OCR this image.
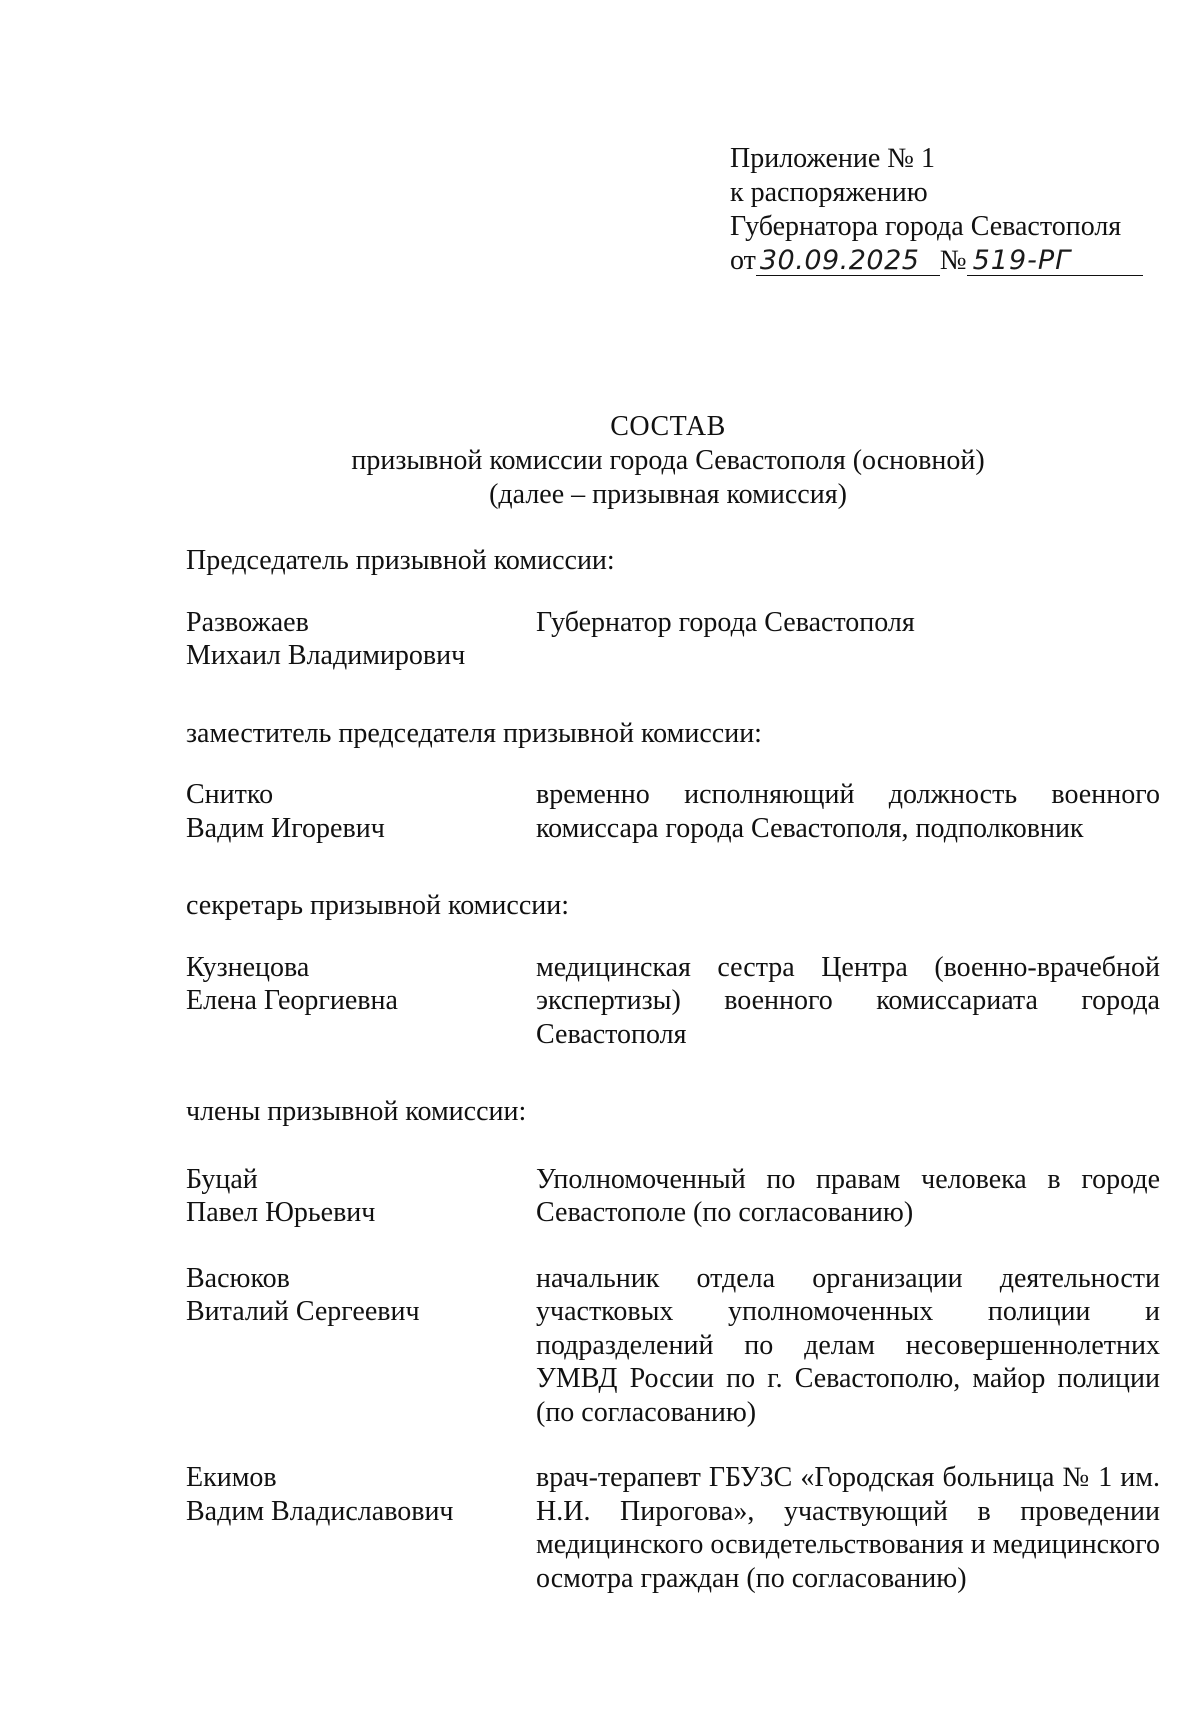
Приложение № 1
к распоряжению
Губернатора города Севастополя
от 30.09.2025 № 519-РГ
СОСТАВ
призывной комиссии города Севастополя (основной)
(далее – призывная комиссия)
Председатель призывной комиссии:
Развожаев
Михаил Владимирович
Губернатор города Севастополя
заместитель председателя призывной комиссии:
Снитко
Вадим Игоревич
временно исполняющий должность военного комиссара города Севастополя, подполковник
секретарь призывной комиссии:
Кузнецова
Елена Георгиевна
медицинская сестра Центра (военно-врачебной экспертизы) военного комиссариата города Севастополя
члены призывной комиссии:
Буцай
Павел Юрьевич
Уполномоченный по правам человека в городе Севастополе (по согласованию)
Васюков
Виталий Сергеевич
начальник отдела организации деятельности участковых уполномоченных полиции и подразделений по делам несовершеннолетних УМВД России по г. Севастополю, майор полиции (по согласованию)
Екимов
Вадим Владиславович
врач-терапевт ГБУЗС «Городская больница № 1 им. Н.И. Пирогова», участвующий в проведении медицинского освидетельствования и медицинского осмотра граждан (по согласованию)
